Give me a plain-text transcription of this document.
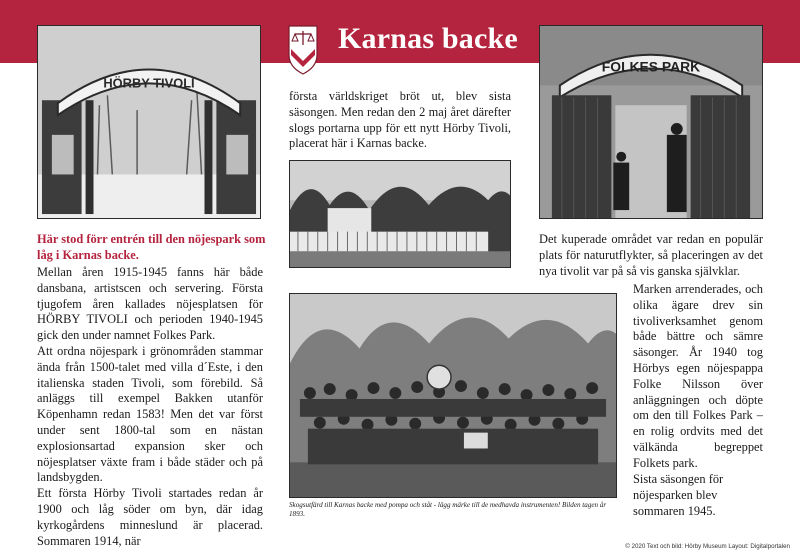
Karnas backe
HÖRBY TIVOLI
FOLKES PARK
Här stod förr entrén till den nöjespark som låg i Karnas backe.

Mellan åren 1915-1945 fanns här både dansbana, artistscen och servering. Första tjugofem åren kallades nöjesplatsen för HÖRBY TIVOLI och perioden 1940-1945 gick den under namnet Folkes Park.

Att ordna nöjespark i grönområden stammar ända från 1500-talet med villa d´Este, i den italienska staden Tivoli, som förebild. Så anläggs till exempel Bakken utanför Köpenhamn redan 1583! Men det var först under sent 1800-tal som en nästan explosionsartad expansion sker och nöjesplatser växte fram i både städer och på landsbygden.

Ett första Hörby Tivoli startades redan år 1900 och låg söder om byn, där idag kyrkogårdens minneslund är placerad. Sommaren 1914, när

första världskriget bröt ut, blev sista säsongen. Men redan den 2 maj året därefter slogs portarna upp för ett nytt Hörby Tivoli, placerat här i Karnas backe.
Skogsutfärd till Karnas backe med pompa och ståt - lägg märke till de medhavda instrumenten! Bilden tagen år 1893.
Det kuperade området var redan en populär plats för naturutflykter, så placeringen av det nya tivolit var på så vis ganska självklar.
Marken arrenderades, och olika ägare drev sin tivoliverksamhet genom både bättre och sämre säsonger. År 1940 tog Hörbys egen nöjespappa Folke Nilsson över anläggningen och döpte om den till Folkes Park – en rolig ordvits med det välkända begreppet Folkets park.
Sista säsongen för nöjesparken blev sommaren 1945.
© 2020 Text och bild: Hörby Museum Layout: Digitalportalen
